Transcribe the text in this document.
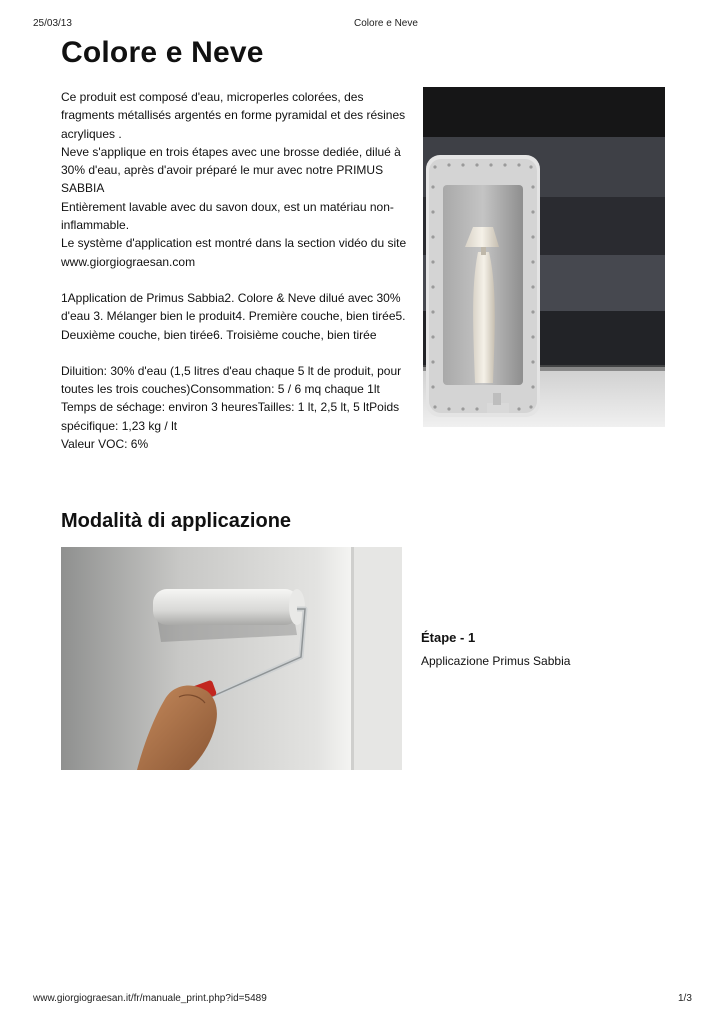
25/03/13	Colore e Neve
Colore e Neve

Ce produit est composé d'eau, microperles colorées, des fragments métallisés argentés en forme pyramidal et des résines acryliques .

Neve s'applique en trois étapes avec une brosse dediée, dilué à 30% d'eau, après d'avoir préparé le mur avec notre PRIMUS SABBIA

Entièrement lavable avec du savon doux, est un matériau non-inflammable.

Le système d'application est montré dans la section vidéo du site

www.giorgiograesan.com

1Application de Primus Sabbia2. Colore & Neve dilué avec 30% d'eau 3. Mélanger bien le produit4. Première couche, bien tirée5. Deuxième couche, bien tirée6. Troisième couche, bien tirée

Diluition: 30% d'eau (1,5 litres d'eau chaque 5 lt de produit, pour toutes les trois couches)Consommation: 5 / 6 mq chaque 1lt Temps de séchage: environ 3 heuresTailles: 1 lt, 2,5 lt, 5 ltPoids spécifique: 1,23 kg / lt

Valeur VOC: 6%

Modalità di applicazione
Étape - 1
Applicazione Primus Sabbia
www.giorgiograesan.it/fr/manuale_print.php?id=5489	1/3
